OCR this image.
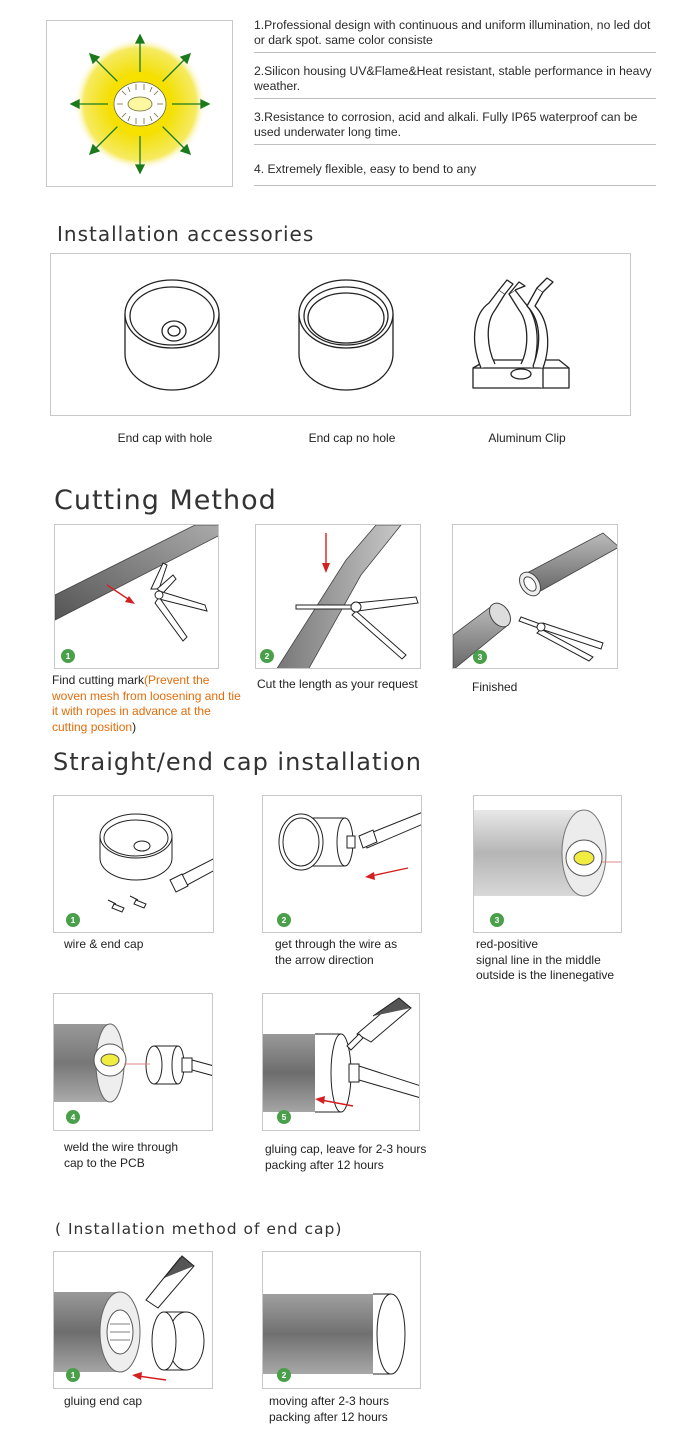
1.Professional design with continuous and uniform illumination, no led dot or dark spot. same color consiste
2.Silicon housing UV&Flame&Heat resistant, stable performance in heavy weather.
3.Resistance to corrosion, acid and alkali. Fully IP65 waterproof can be used underwater long time.
4. Extremely flexible, easy to bend to any
Installation accessories
End cap with hole	End cap no hole	Aluminum Clip
Cutting Method
1
Find cutting mark(Prevent the woven mesh from loosening and tie it with ropes in advance at the cutting position)
2
Cut the length as your request
3
Finished
Straight/end cap installation
1
wire & end cap
2
get through the wire as
the arrow direction
3
red-positive
signal line in the middle
outside is the linenegative
4
weld the wire through
cap to the PCB
5
gluing cap, leave for 2-3 hours
packing after 12 hours
( Installation method of end cap)
1
gluing end cap
2
moving after 2-3 hours
packing after 12 hours
